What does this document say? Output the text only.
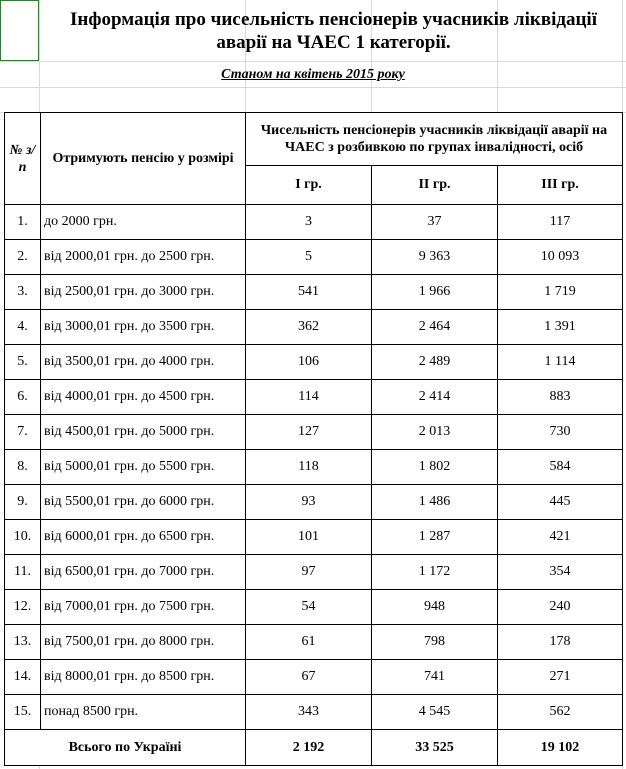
Інформація про чисельність пенсіонерів учасників ліквідації аварії на ЧАЕС 1 категорії.
Станом на квітень 2015 року
№ з/п	Отримують пенсію у розмірі	Чисельність пенсіонерів учасників ліквідації аварії на ЧАЕС з розбивкою по групах інвалідності, осіб		
		І гр.	ІІ гр.	ІІІ гр.
1.	до 2000 грн.	3	37	117
2.	від 2000,01 грн. до 2500 грн.	5	9 363	10 093
3.	від 2500,01 грн. до 3000 грн.	541	1 966	1 719
4.	від 3000,01 грн. до 3500 грн.	362	2 464	1 391
5.	від 3500,01 грн. до 4000 грн.	106	2 489	1 114
6.	від 4000,01 грн. до 4500 грн.	114	2 414	883
7.	від 4500,01 грн. до 5000 грн.	127	2 013	730
8.	від 5000,01 грн. до 5500 грн.	118	1 802	584
9.	від 5500,01 грн. до 6000 грн.	93	1 486	445
10.	від 6000,01 грн. до 6500 грн.	101	1 287	421
11.	від 6500,01 грн. до 7000 грн.	97	1 172	354
12.	від 7000,01 грн. до 7500 грн.	54	948	240
13.	від 7500,01 грн. до 8000 грн.	61	798	178
14.	від 8000,01 грн. до 8500 грн.	67	741	271
15.	понад 8500 грн.	343	4 545	562
Всього по Україні		2 192	33 525	19 102
